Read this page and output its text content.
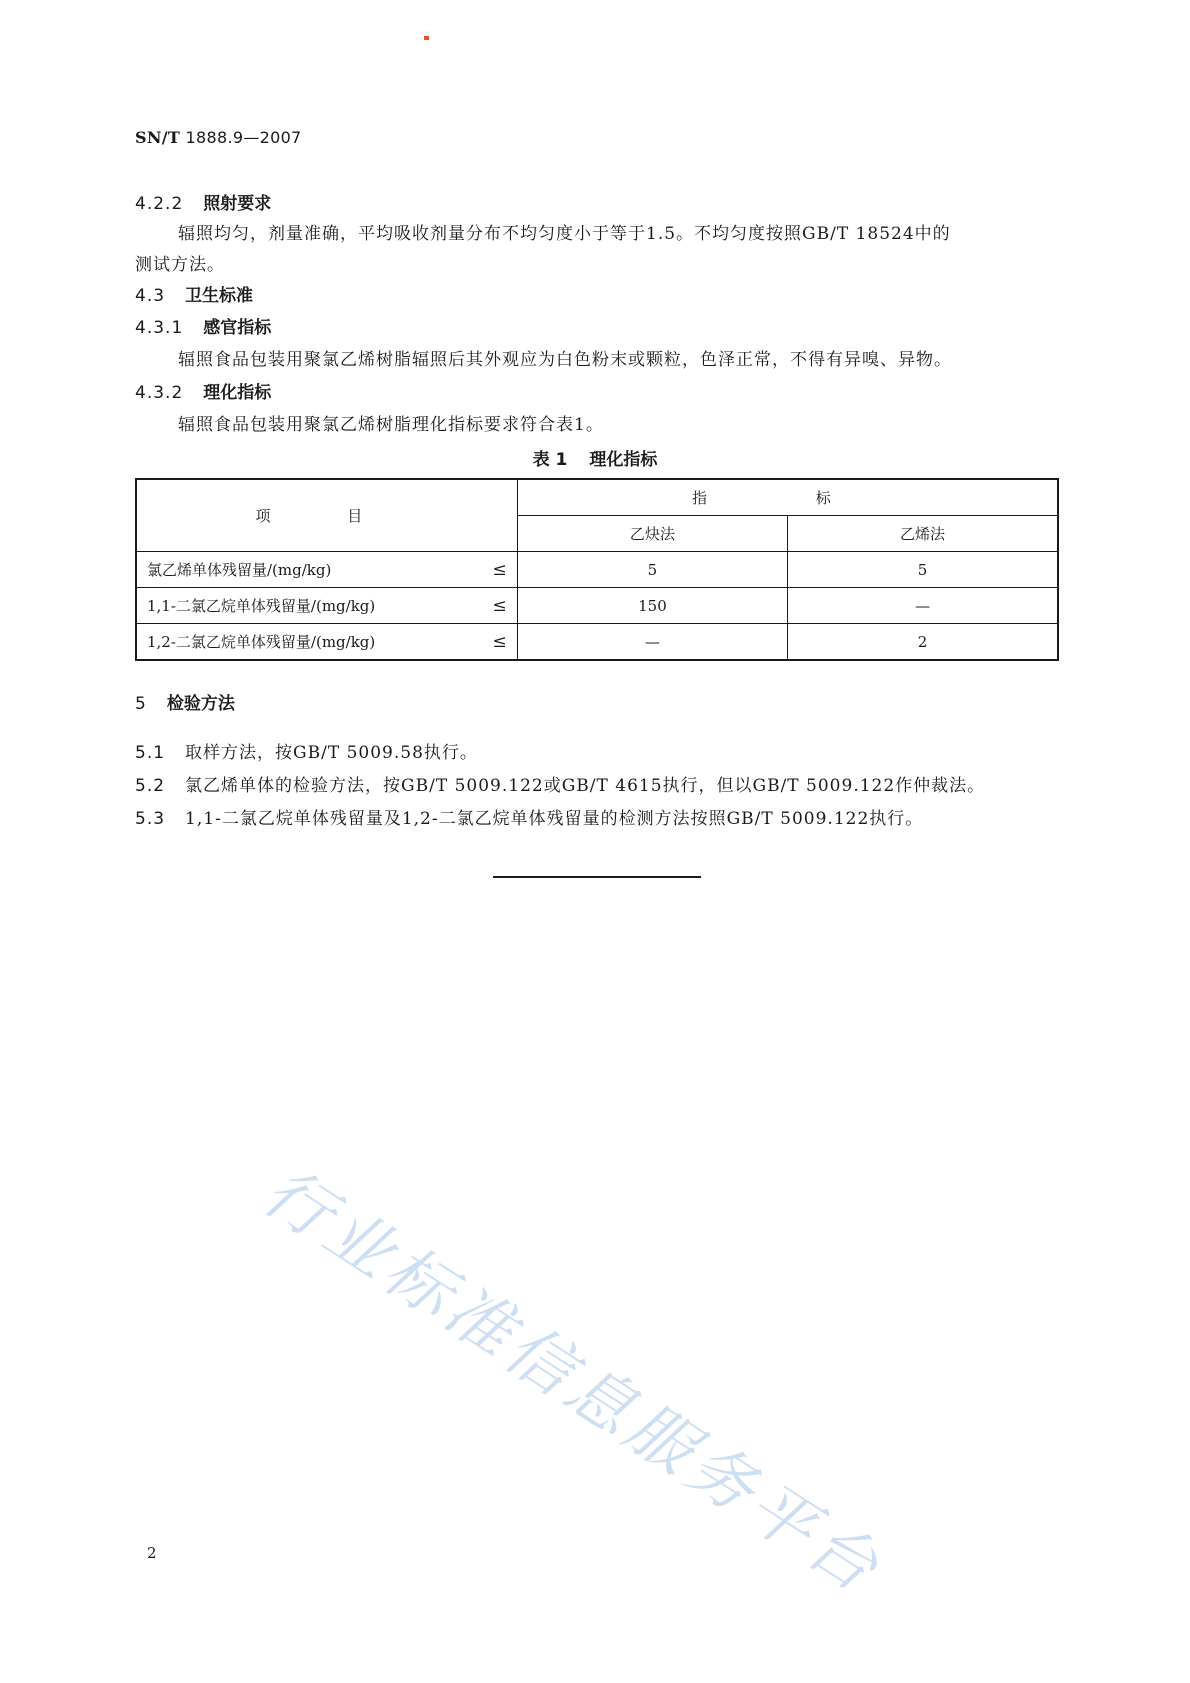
SN/T 1888.9—2007
4.2.2 照射要求
辐照均匀，剂量准确，平均吸收剂量分布不均匀度小于等于1.5。不均匀度按照GB/T 18524中的
测试方法。
4.3 卫生标准
4.3.1 感官指标
辐照食品包装用聚氯乙烯树脂辐照后其外观应为白色粉末或颗粒，色泽正常，不得有异嗅、异物。
4.3.2 理化指标
辐照食品包装用聚氯乙烯树脂理化指标要求符合表1。
表 1 理化指标
项 目	指 标	
	乙炔法	乙烯法
氯乙烯单体残留量/(mg/kg) ≤	5	5
1,1-二氯乙烷单体残留量/(mg/kg) ≤	150	—
1,2-二氯乙烷单体残留量/(mg/kg) ≤	—	2
5 检验方法
5.1 取样方法，按GB/T 5009.58执行。
5.2 氯乙烯单体的检验方法，按GB/T 5009.122或GB/T 4615执行，但以GB/T 5009.122作仲裁法。
5.3 1,1-二氯乙烷单体残留量及1,2-二氯乙烷单体残留量的检测方法按照GB/T 5009.122执行。
行业标准信息服务平台
2
